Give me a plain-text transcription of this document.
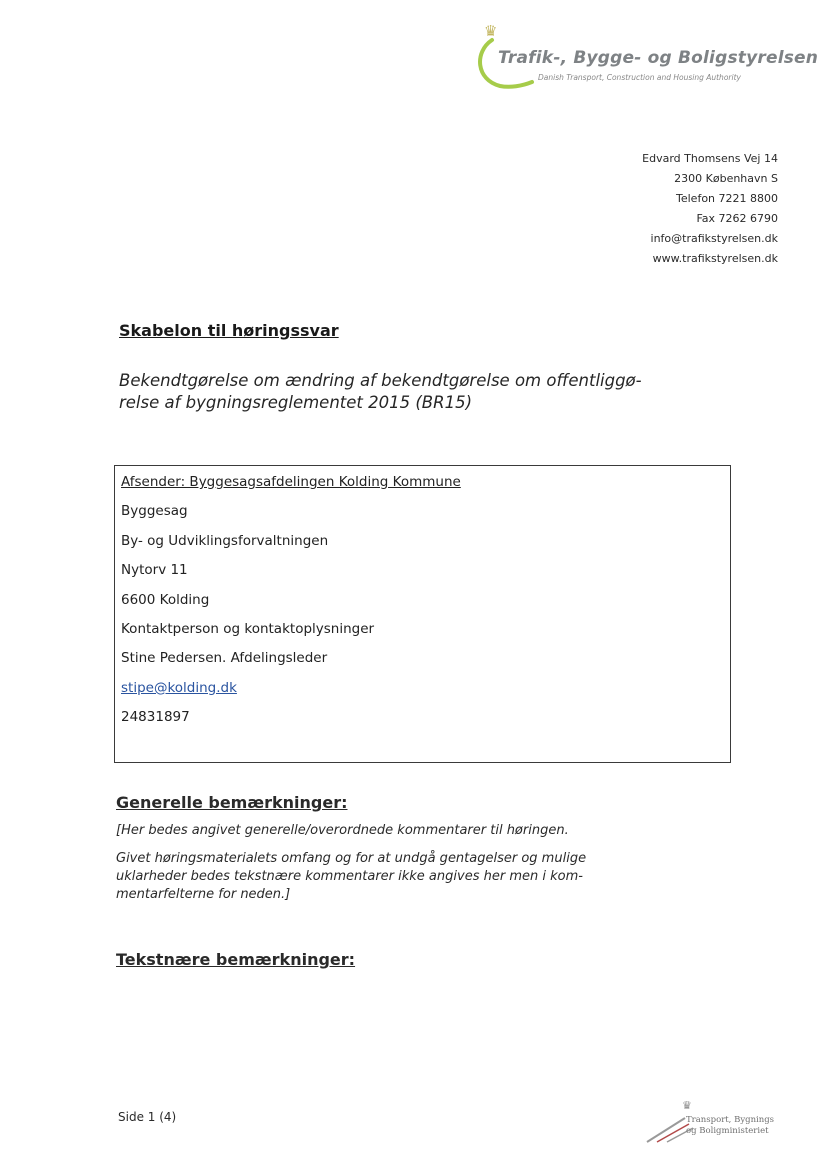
♛
Trafik-, Bygge- og Boligstyrelsen
Danish Transport, Construction and Housing Authority
Edvard Thomsens Vej 14
2300 København S
Telefon 7221 8800
Fax 7262 6790
info@trafikstyrelsen.dk
www.trafikstyrelsen.dk
Skabelon til høringssvar
Bekendtgørelse om ændring af bekendtgørelse om offentliggø-relse af bygningsreglementet 2015 (BR15)
Afsender: Byggesagsafdelingen Kolding Kommune
Byggesag
By- og Udviklingsforvaltningen
Nytorv 11
6600 Kolding
Kontaktperson og kontaktoplysninger
Stine Pedersen. Afdelingsleder
stipe@kolding.dk
24831897
Generelle bemærkninger:

[Her bedes angivet generelle/overordnede kommentarer til høringen.

Givet høringsmaterialets omfang og for at undgå gentagelser og mulige uklarheder bedes tekstnære kommentarer ikke angives her men i kom-mentarfelterne for neden.]

Tekstnære bemærkninger:
Side 1 (4)
♛
Transport, Bygnings
og Boligministeriet
